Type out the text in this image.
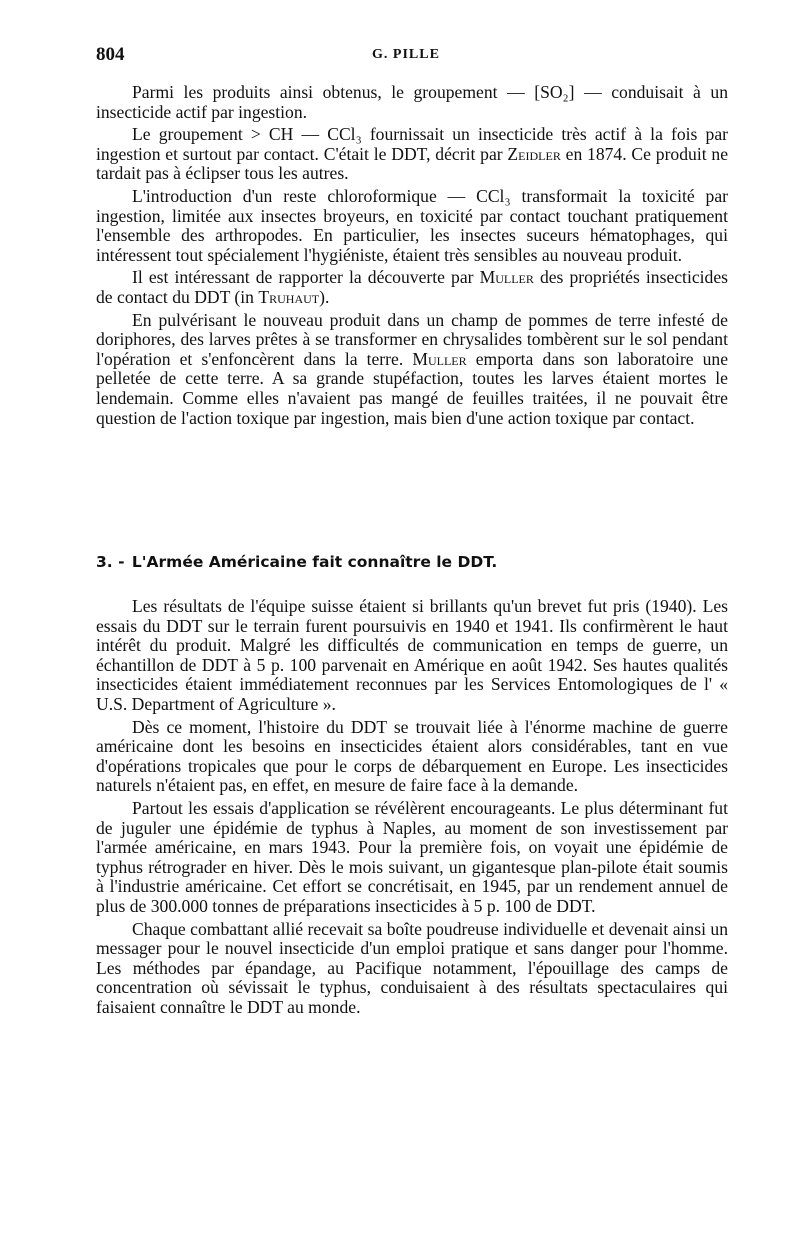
804	G. PILLE

Parmi les produits ainsi obtenus, le groupement — [SO₂] — conduisait à un insecticide actif par ingestion.

Le groupement > CH — CCl₃ fournissait un insecticide très actif à la fois par ingestion et surtout par contact. C'était le DDT, décrit par Zeidler en 1874. Ce produit ne tardait pas à éclipser tous les autres.

L'introduction d'un reste chloroformique — CCl₃ transformait la toxicité par ingestion, limitée aux insectes broyeurs, en toxicité par contact touchant pratiquement l'ensemble des arthropodes. En particulier, les insectes suceurs hématophages, qui intéressent tout spécialement l'hygiéniste, étaient très sensibles au nouveau produit.

Il est intéressant de rapporter la découverte par Muller des propriétés insecticides de contact du DDT (in Truhaut).

En pulvérisant le nouveau produit dans un champ de pommes de terre infesté de doriphores, des larves prêtes à se transformer en chrysalides tombèrent sur le sol pendant l'opération et s'enfoncèrent dans la terre. Muller emporta dans son laboratoire une pelletée de cette terre. A sa grande stupéfaction, toutes les larves étaient mortes le lendemain. Comme elles n'avaient pas mangé de feuilles traitées, il ne pouvait être question de l'action toxique par ingestion, mais bien d'une action toxique par contact.

3. - L'Armée Américaine fait connaître le DDT.

Les résultats de l'équipe suisse étaient si brillants qu'un brevet fut pris (1940). Les essais du DDT sur le terrain furent poursuivis en 1940 et 1941. Ils confirmèrent le haut intérêt du produit. Malgré les difficultés de communication en temps de guerre, un échantillon de DDT à 5 p. 100 parvenait en Amérique en août 1942. Ses hautes qualités insecticides étaient immédiatement reconnues par les Services Entomologiques de l' « U.S. Department of Agriculture ».

Dès ce moment, l'histoire du DDT se trouvait liée à l'énorme machine de guerre américaine dont les besoins en insecticides étaient alors considérables, tant en vue d'opérations tropicales que pour le corps de débarquement en Europe. Les insecticides naturels n'étaient pas, en effet, en mesure de faire face à la demande.

Partout les essais d'application se révélèrent encourageants. Le plus déterminant fut de juguler une épidémie de typhus à Naples, au moment de son investissement par l'armée américaine, en mars 1943. Pour la première fois, on voyait une épidémie de typhus rétrograder en hiver. Dès le mois suivant, un gigantesque plan-pilote était soumis à l'industrie américaine. Cet effort se concrétisait, en 1945, par un rendement annuel de plus de 300.000 tonnes de préparations insecticides à 5 p. 100 de DDT.

Chaque combattant allié recevait sa boîte poudreuse individuelle et devenait ainsi un messager pour le nouvel insecticide d'un emploi pratique et sans danger pour l'homme. Les méthodes par épandage, au Pacifique notamment, l'épouillage des camps de concentration où sévissait le typhus, conduisaient à des résultats spectaculaires qui faisaient connaître le DDT au monde.
